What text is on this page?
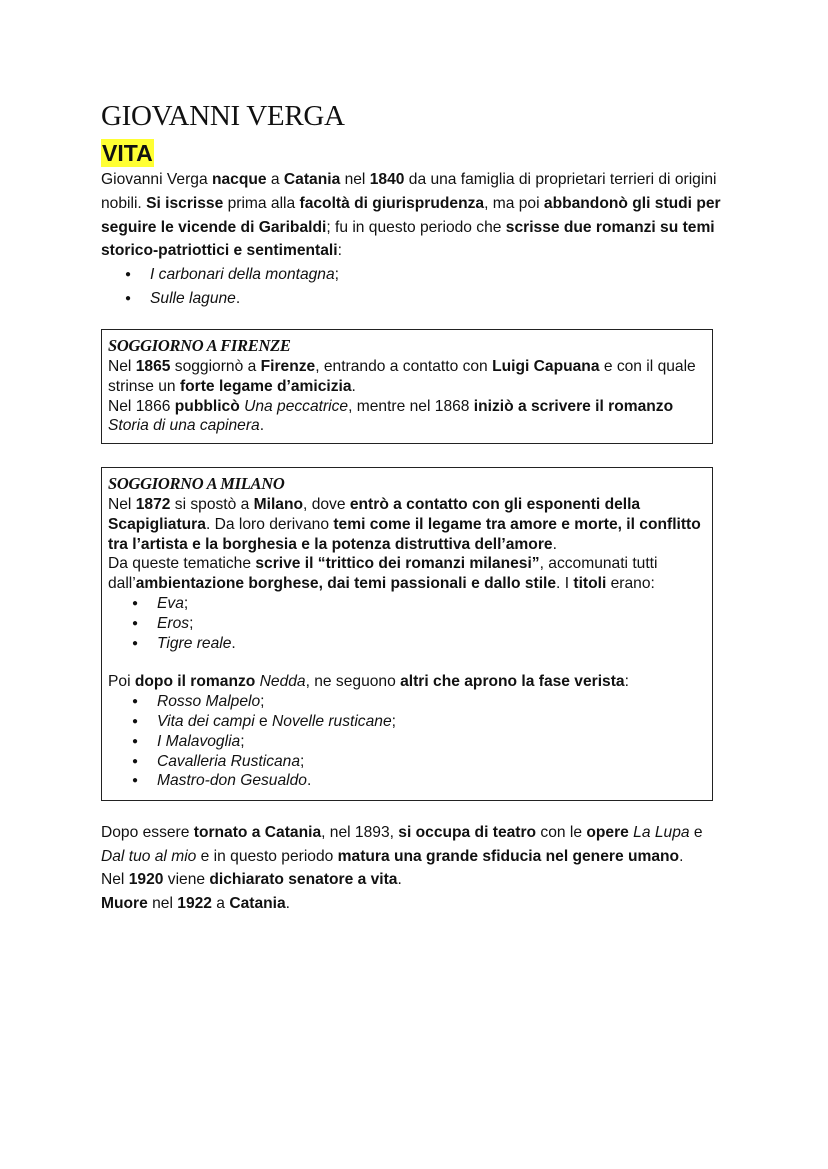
GIOVANNI VERGA
VITA

Giovanni Verga nacque a Catania nel 1840 da una famiglia di proprietari terrieri di origini nobili. Si iscrisse prima alla facoltà di giurisprudenza, ma poi abbandonò gli studi per seguire le vicende di Garibaldi; fu in questo periodo che scrisse due romanzi su temi storico-patriottici e sentimentali:

● I carbonari della montagna;
● Sulle lagune.
SOGGIORNO A FIRENZE

Nel 1865 soggiornò a Firenze, entrando a contatto con Luigi Capuana e con il quale strinse un forte legame d’amicizia.

Nel 1866 pubblicò Una peccatrice, mentre nel 1868 iniziò a scrivere il romanzo
Storia di una capinera.

SOGGIORNO A MILANO

Nel 1872 si spostò a Milano, dove entrò a contatto con gli esponenti della Scapigliatura. Da loro derivano temi come il legame tra amore e morte, il conflitto tra l’artista e la borghesia e la potenza distruttiva dell’amore.

Da queste tematiche scrive il “trittico dei romanzi milanesi”, accomunati tutti dall’ambientazione borghese, dai temi passionali e dallo stile. I titoli erano:

● Eva;
● Eros;
● Tigre reale.

Poi dopo il romanzo Nedda, ne seguono altri che aprono la fase verista:

● Rosso Malpelo;
● Vita dei campi e Novelle rusticane;
● I Malavoglia;
● Cavalleria Rusticana;
● Mastro-don Gesualdo.

Dopo essere tornato a Catania, nel 1893, si occupa di teatro con le opere La Lupa e Dal tuo al mio e in questo periodo matura una grande sfiducia nel genere umano.

Nel 1920 viene dichiarato senatore a vita.

Muore nel 1922 a Catania.
